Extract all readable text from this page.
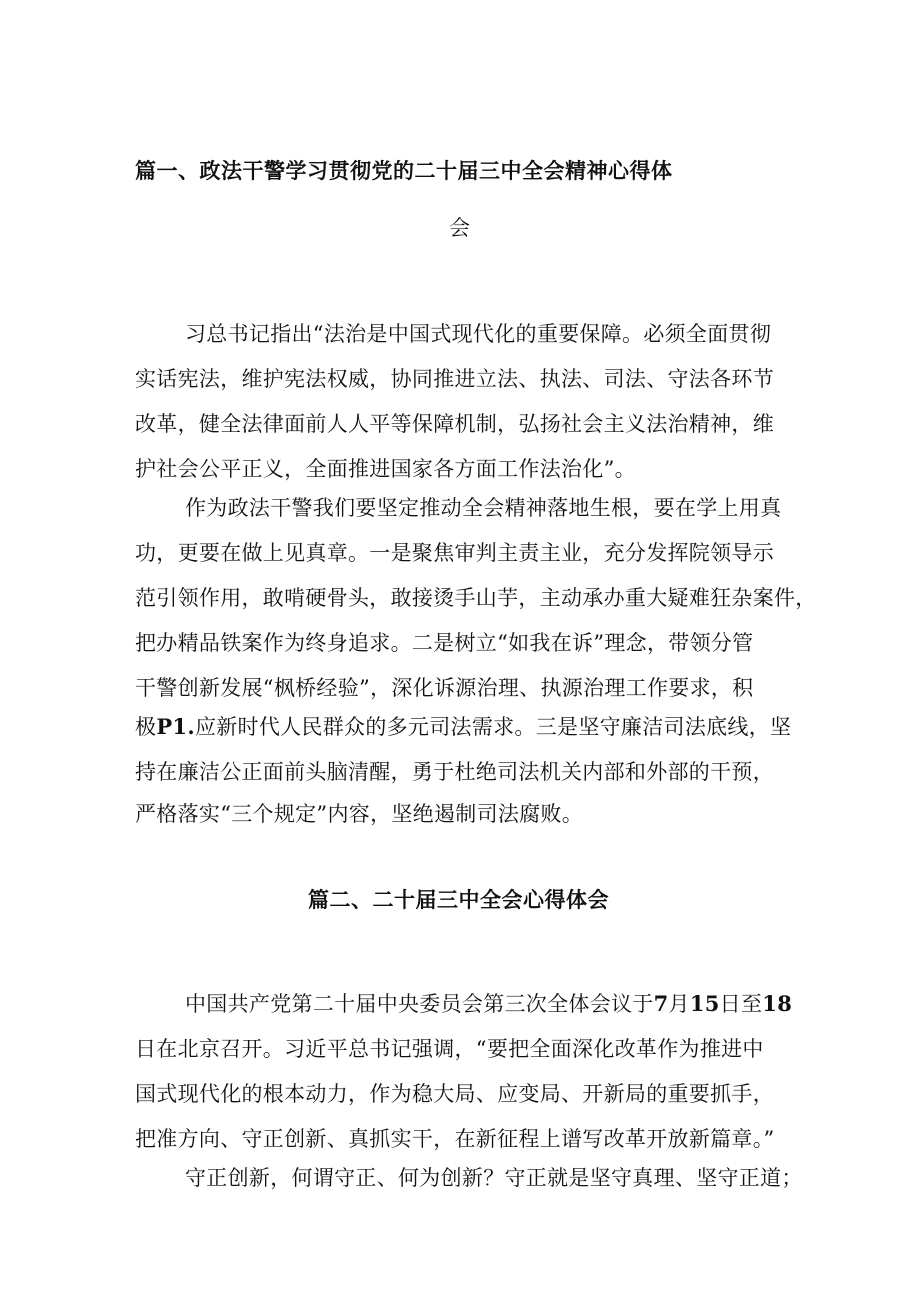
篇一、政法干警学习贯彻党的二十届三中全会精神心得体
会
习总书记指出“法治是中国式现代化的重要保障。必须全面贯彻
实话宪法，维护宪法权威，协同推进立法、执法、司法、守法各环节
改革，健全法律面前人人平等保障机制，弘扬社会主义法治精神，维
护社会公平正义，全面推进国家各方面工作法治化”。
作为政法干警我们要坚定推动全会精神落地生根，要在学上用真
功，更要在做上见真章。一是聚焦审判主责主业，充分发挥院领导示
范引领作用，敢啃硬骨头，敢接烫手山芋，主动承办重大疑难狂杂案件，
把办精品铁案作为终身追求。二是树立“如我在诉”理念，带领分管
干警创新发展“枫桥经验”，深化诉源治理、执源治理工作要求，积
极P1.应新时代人民群众的多元司法需求。三是坚守廉洁司法底线，坚
持在廉洁公正面前头脑清醒，勇于杜绝司法机关内部和外部的干预，
严格落实“三个规定”内容，坚绝遏制司法腐败。
篇二、二十届三中全会心得体会
中国共产党第二十届中央委员会第三次全体会议于7月15日至18
日在北京召开。习近平总书记强调，“要把全面深化改革作为推进中
国式现代化的根本动力，作为稳大局、应变局、开新局的重要抓手，
把准方向、守正创新、真抓实干，在新征程上谱写改革开放新篇章。”
守正创新，何谓守正、何为创新？守正就是坚守真理、坚守正道；
